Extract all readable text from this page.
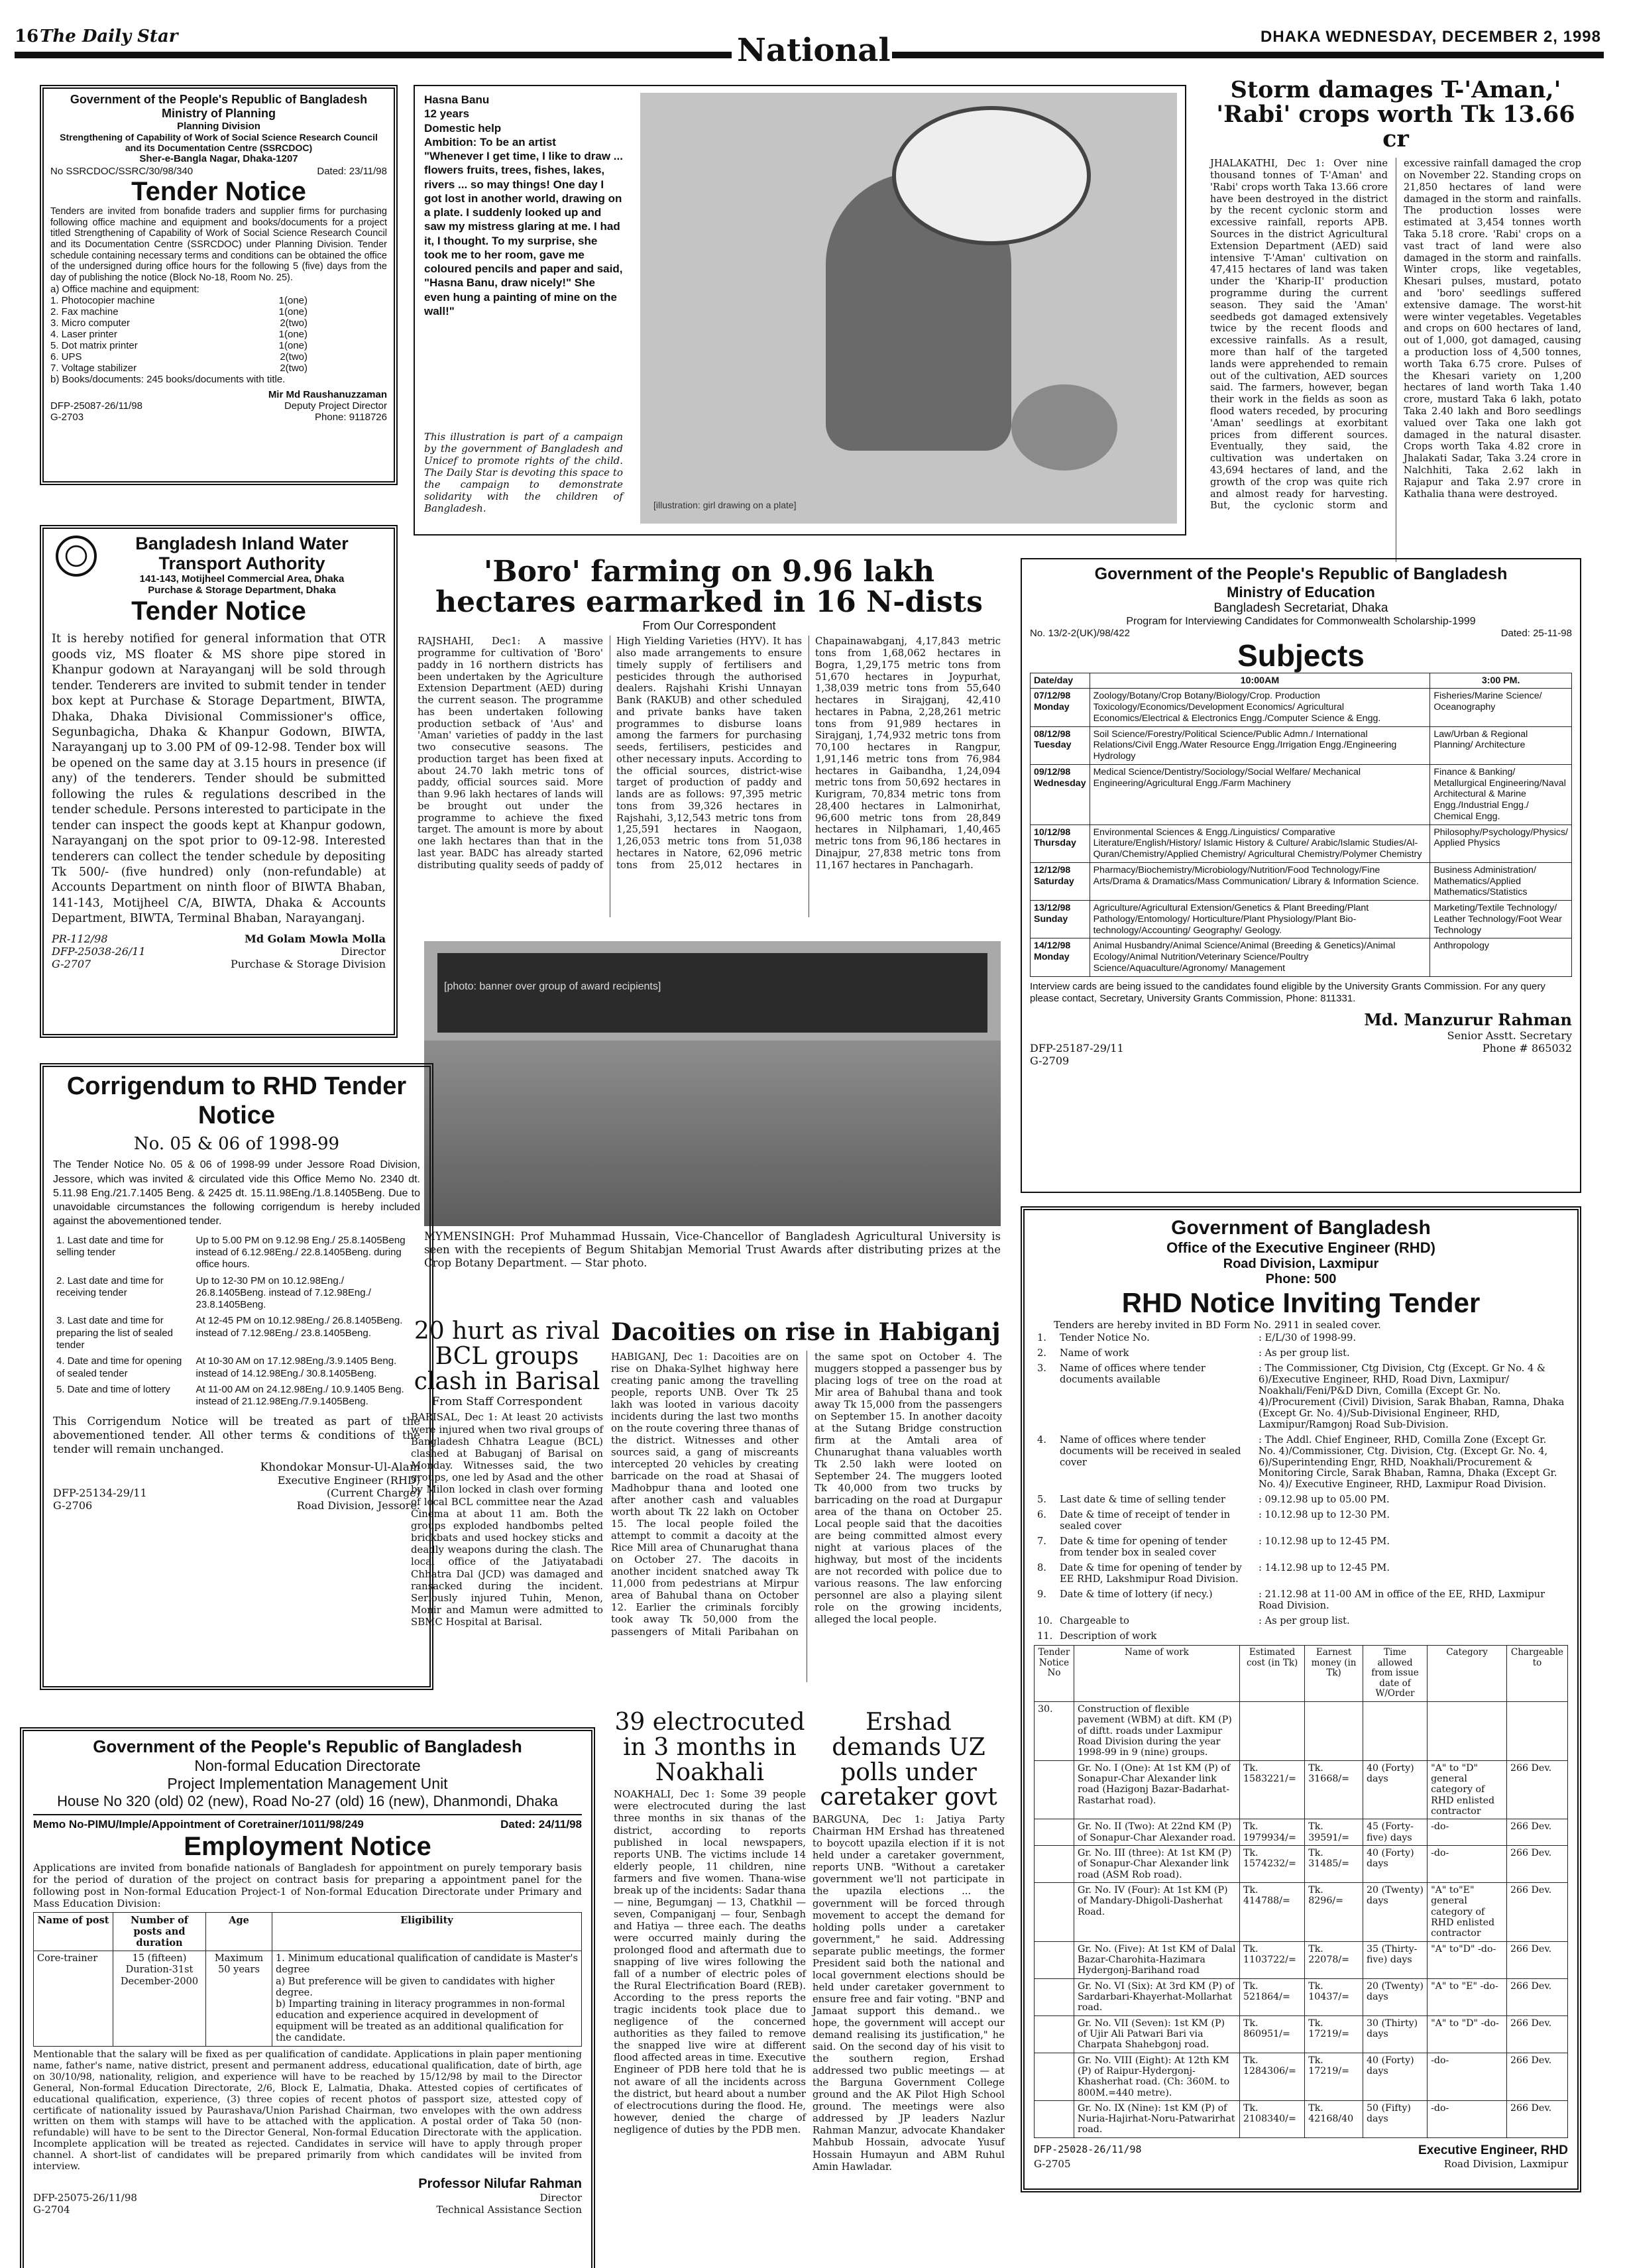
16 The Daily Star	DHAKA WEDNESDAY, DECEMBER 2, 1998
National
Government of the People's Republic of Bangladesh
Ministry of Planning
Planning Division
Strengthening of Capability of Work of Social Science Research Council and its Documentation Centre (SSRCDOC)
Sher-e-Bangla Nagar, Dhaka-1207
No SSRCDOC/SSRC/30/98/340	Dated: 23/11/98
Tender Notice

Tenders are invited from bonafide traders and supplier firms for purchasing following office machine and equipment and books/documents for a project titled Strengthening of Capability of Work of Social Science Research Council and its Documentation Centre (SSRCDOC) under Planning Division. Tender schedule containing necessary terms and conditions can be obtained the office of the undersigned during office hours for the following 5 (five) days from the day of publishing the notice (Block No-18, Room No. 25).

a) Office machine and equipment:
1. Photocopier machine	1(one)
2. Fax machine	1(one)
3. Micro computer	2(two)
4. Laser printer	1(one)
5. Dot matrix printer	1(one)
6. UPS	2(two)
7. Voltage stabilizer	2(two)
b) Books/documents: 245 books/documents with title.
Mir Md Raushanuzzaman
DFP-25087-26/11/98	Deputy Project Director
G-2703	Phone: 9118726
Hasna Banu
12 years
Domestic help
Ambition: To be an artist
"Whenever I get time, I like to draw ... flowers fruits, trees, fishes, lakes, rivers ... so may things! One day I got lost in another world, drawing on a plate. I suddenly looked up and saw my mistress glaring at me. I had it, I thought. To my surprise, she took me to her room, gave me coloured pencils and paper and said, "Hasna Banu, draw nicely!" She even hung a painting of mine on the wall!"
This illustration is part of a campaign by the government of Bangladesh and Unicef to promote rights of the child. The Daily Star is devoting this space to the campaign to demonstrate solidarity with the children of Bangladesh.	[illustration: girl drawing on a plate]
Storm damages T-'Aman,' 'Rabi' crops worth Tk 13.66 cr
JHALAKATHI, Dec 1: Over nine thousand tonnes of T-'Aman' and 'Rabi' crops worth Taka 13.66 crore have been destroyed in the district by the recent cyclonic storm and excessive rainfall, reports APB. Sources in the district Agricultural Extension Department (AED) said intensive T-'Aman' cultivation on 47,415 hectares of land was taken under the 'Kharip-II' production programme during the current season. They said the 'Aman' seedbeds got damaged extensively twice by the recent floods and excessive rainfalls. As a result, more than half of the targeted lands were apprehended to remain out of the cultivation, AED sources said. The farmers, however, began their work in the fields as soon as flood waters receded, by procuring 'Aman' seedlings at exorbitant prices from different sources. Eventually, they said, the cultivation was undertaken on 43,694 hectares of land, and the growth of the crop was quite rich and almost ready for harvesting. But, the cyclonic storm and excessive rainfall damaged the crop on November 22. Standing crops on 21,850 hectares of land were damaged in the storm and rainfalls. The production losses were estimated at 3,454 tonnes worth Taka 5.18 crore. 'Rabi' crops on a vast tract of land were also damaged in the storm and rainfalls. Winter crops, like vegetables, Khesari pulses, mustard, potato and 'boro' seedlings suffered extensive damage. The worst-hit were winter vegetables. Vegetables and crops on 600 hectares of land, out of 1,000, got damaged, causing a production loss of 4,500 tonnes, worth Taka 6.75 crore. Pulses of the Khesari variety on 1,200 hectares of land worth Taka 1.40 crore, mustard Taka 6 lakh, potato Taka 2.40 lakh and Boro seedlings valued over Taka one lakh got damaged in the natural disaster. Crops worth Taka 4.82 crore in Jhalakati Sadar, Taka 3.24 crore in Nalchhiti, Taka 2.62 lakh in Rajapur and Taka 2.97 crore in Kathalia thana were destroyed.
Bangladesh Inland Water Transport Authority
141-143, Motijheel Commercial Area, Dhaka
Purchase & Storage Department, Dhaka
Tender Notice

It is hereby notified for general information that OTR goods viz, MS floater & MS shore pipe stored in Khanpur godown at Narayanganj will be sold through tender. Tenderers are invited to submit tender in tender box kept at Purchase & Storage Department, BIWTA, Dhaka, Dhaka Divisional Commissioner's office, Segunbagicha, Dhaka & Khanpur Godown, BIWTA, Narayanganj up to 3.00 PM of 09-12-98. Tender box will be opened on the same day at 3.15 hours in presence (if any) of the tenderers. Tender should be submitted following the rules & regulations described in the tender schedule. Persons interested to participate in the tender can inspect the goods kept at Khanpur godown, Narayanganj on the spot prior to 09-12-98. Interested tenderers can collect the tender schedule by depositing Tk 500/- (five hundred) only (non-refundable) at Accounts Department on ninth floor of BIWTA Bhaban, 141-143, Motijheel C/A, BIWTA, Dhaka & Accounts Department, BIWTA, Terminal Bhaban, Narayanganj.

PR-112/98	Md Golam Mowla Molla
DFP-25038-26/11	Director
G-2707	Purchase & Storage Division
'Boro' farming on 9.96 lakh hectares earmarked in 16 N-dists
From Our Correspondent
RAJSHAHI, Dec1: A massive programme for cultivation of 'Boro' paddy in 16 northern districts has been undertaken by the Agriculture Extension Department (AED) during the current season. The programme has been undertaken following production setback of 'Aus' and 'Aman' varieties of paddy in the last two consecutive seasons. The production target has been fixed at about 24.70 lakh metric tons of paddy, official sources said. More than 9.96 lakh hectares of lands will be brought out under the programme to achieve the fixed target. The amount is more by about one lakh hectares than that in the last year. BADC has already started distributing quality seeds of paddy of High Yielding Varieties (HYV). It has also made arrangements to ensure timely supply of fertilisers and pesticides through the authorised dealers. Rajshahi Krishi Unnayan Bank (RAKUB) and other scheduled and private banks have taken programmes to disburse loans among the farmers for purchasing seeds, fertilisers, pesticides and other necessary inputs. According to the official sources, district-wise target of production of paddy and lands are as follows: 97,395 metric tons from 39,326 hectares in Rajshahi, 3,12,543 metric tons from 1,25,591 hectares in Naogaon, 1,26,053 metric tons from 51,038 hectares in Natore, 62,096 metric tons from 25,012 hectares in Chapainawabganj, 4,17,843 metric tons from 1,68,062 hectares in Bogra, 1,29,175 metric tons from 51,670 hectares in Joypurhat, 1,38,039 metric tons from 55,640 hectares in Sirajganj, 42,410 hectares in Pabna, 2,28,261 metric tons from 91,989 hectares in Sirajganj, 1,74,932 metric tons from 70,100 hectares in Rangpur, 1,91,146 metric tons from 76,984 hectares in Gaibandha, 1,24,094 metric tons from 50,692 hectares in Kurigram, 70,834 metric tons from 28,400 hectares in Lalmonirhat, 96,600 metric tons from 28,849 hectares in Nilphamari, 1,40,465 metric tons from 96,186 hectares in Dinajpur, 27,838 metric tons from 11,167 hectares in Panchagarh.
Government of the People's Republic of Bangladesh
Ministry of Education
Bangladesh Secretariat, Dhaka
Program for Interviewing Candidates for Commonwealth Scholarship-1999
No. 13/2-2(UK)/98/422	Dated: 25-11-98
Subjects
Date/day	10:00AM	3:00 PM.
07/12/98 Monday	Zoology/Botany/Crop Botany/Biology/Crop. Production Toxicology/Economics/Development Economics/ Agricultural Economics/Electrical & Electronics Engg./Computer Science & Engg.	Fisheries/Marine Science/ Oceanography
08/12/98 Tuesday	Soil Science/Forestry/Political Science/Public Admn./ International Relations/Civil Engg./Water Resource Engg./Irrigation Engg./Engineering Hydrology	Law/Urban & Regional Planning/ Architecture
09/12/98 Wednesday	Medical Science/Dentistry/Sociology/Social Welfare/ Mechanical Engineering/Agricultural Engg./Farm Machinery	Finance & Banking/ Metallurgical Engineering/Naval Architectural & Marine Engg./Industrial Engg./ Chemical Engg.
10/12/98 Thursday	Environmental Sciences & Engg./Linguistics/ Comparative Literature/English/History/ Islamic History & Culture/ Arabic/Islamic Studies/Al-Quran/Chemistry/Applied Chemistry/ Agricultural Chemistry/Polymer Chemistry	Philosophy/Psychology/Physics/ Applied Physics
12/12/98 Saturday	Pharmacy/Biochemistry/Microbiology/Nutrition/Food Technology/Fine Arts/Drama & Dramatics/Mass Communication/ Library & Information Science.	Business Administration/ Mathematics/Applied Mathematics/Statistics
13/12/98 Sunday	Agriculture/Agricultural Extension/Genetics & Plant Breeding/Plant Pathology/Entomology/ Horticulture/Plant Physiology/Plant Bio-technology/Accounting/ Geography/ Geology.	Marketing/Textile Technology/ Leather Technology/Foot Wear Technology
14/12/98 Monday	Animal Husbandry/Animal Science/Animal (Breeding & Genetics)/Animal Ecology/Animal Nutrition/Veterinary Science/Poultry Science/Aquaculture/Agronomy/ Management	Anthropology

Interview cards are being issued to the candidates found eligible by the University Grants Commission. For any query please contact, Secretary, University Grants Commission, Phone: 811331.

Md. Manzurur Rahman
Senior Asstt. Secretary
DFP-25187-29/11	Phone # 865032
G-2709
[photo: banner over group of award recipients]

MYMENSINGH: Prof Muhammad Hussain, Vice-Chancellor of Bangladesh Agricultural University is seen with the recepients of Begum Shitabjan Memorial Trust Awards after distributing prizes at the Crop Botany Department. — Star photo.

Corrigendum to RHD Tender Notice
No. 05 & 06 of 1998-99

The Tender Notice No. 05 & 06 of 1998-99 under Jessore Road Division, Jessore, which was invited & circulated vide this Office Memo No. 2340 dt. 5.11.98 Eng./21.7.1405 Beng. & 2425 dt. 15.11.98Eng./1.8.1405Beng. Due to unavoidable circumstances the following corrigendum is hereby included against the abovementioned tender.

1. Last date and time for selling tender	Up to 5.00 PM on 9.12.98 Eng./ 25.8.1405Beng instead of 6.12.98Eng./ 22.8.1405Beng. during office hours.
2. Last date and time for receiving tender	Up to 12-30 PM on 10.12.98Eng./ 26.8.1405Beng. instead of 7.12.98Eng./ 23.8.1405Beng.
3. Last date and time for preparing the list of sealed tender	At 12-45 PM on 10.12.98Eng./ 26.8.1405Beng. instead of 7.12.98Eng./ 23.8.1405Beng.
4. Date and time for opening of sealed tender	At 10-30 AM on 17.12.98Eng./3.9.1405 Beng. instead of 14.12.98Eng./ 30.8.1405Beng.
5. Date and time of lottery	At 11-00 AM on 24.12.98Eng./ 10.9.1405 Beng. instead of 21.12.98Eng./7.9.1405Beng.

This Corrigendum Notice will be treated as part of the abovementioned tender. All other terms & conditions of the tender will remain unchanged.

Khondokar Monsur-Ul-Alam
Executive Engineer (RHD)
DFP-25134-29/11	(Current Charge)
G-2706	Road Division, Jessore.
20 hurt as rival BCL groups clash in Barisal
From Staff Correspondent

BARISAL, Dec 1: At least 20 activists were injured when two rival groups of Bangladesh Chhatra League (BCL) clashed at Babuganj of Barisal on Monday. Witnesses said, the two groups, one led by Asad and the other by Milon locked in clash over forming of local BCL committee near the Azad Cinema at about 11 am. Both the groups exploded handbombs pelted brickbats and used hockey sticks and deadly weapons during the clash. The local office of the Jatiyatabadi Chhatra Dal (JCD) was damaged and ransacked during the incident. Seriously injured Tuhin, Menon, Monir and Mamun were admitted to SBMC Hospital at Barisal.

Dacoities on rise in Habiganj
HABIGANJ, Dec 1: Dacoities are on rise on Dhaka-Sylhet highway here creating panic among the travelling people, reports UNB. Over Tk 25 lakh was looted in various dacoity incidents during the last two months on the route covering three thanas of the district. Witnesses and other sources said, a gang of miscreants intercepted 20 vehicles by creating barricade on the road at Shasai of Madhobpur thana and looted one after another cash and valuables worth about Tk 22 lakh on October 15. The local people foiled the attempt to commit a dacoity at the Rice Mill area of Chunarughat thana on October 27. The dacoits in another incident snatched away Tk 11,000 from pedestrians at Mirpur area of Bahubal thana on October 12. Earlier the criminals forcibly took away Tk 50,000 from the passengers of Mitali Paribahan on the same spot on October 4. The muggers stopped a passenger bus by placing logs of tree on the road at Mir area of Bahubal thana and took away Tk 15,000 from the passengers on September 15. In another dacoity at the Sutang Bridge construction firm at the Amtali area of Chunarughat thana valuables worth Tk 2.50 lakh were looted on September 24. The muggers looted Tk 40,000 from two trucks by barricading on the road at Durgapur area of the thana on October 25. Local people said that the dacoities are being committed almost every night at various places of the highway, but most of the incidents are not recorded with police due to various reasons. The law enforcing personnel are also a playing silent role on the growing incidents, alleged the local people.
Government of Bangladesh
Office of the Executive Engineer (RHD)
Road Division, Laxmipur
Phone: 500
RHD Notice Inviting Tender
Tenders are hereby invited in BD Form No. 2911 in sealed cover.
1.	Tender Notice No.	: E/L/30 of 1998-99.
2.	Name of work	: As per group list.
3.	Name of offices where tender documents available	: The Commissioner, Ctg Division, Ctg (Except. Gr No. 4 & 6)/Executive Engineer, RHD, Road Divn, Laxmipur/ Noakhali/Feni/P&D Divn, Comilla (Except Gr. No. 4)/Procurement (Civil) Division, Sarak Bhaban, Ramna, Dhaka (Except Gr. No. 4)/Sub-Divisional Engineer, RHD, Laxmipur/Ramgonj Road Sub-Division.
4.	Name of offices where tender documents will be received in sealed cover	: The Addl. Chief Engineer, RHD, Comilla Zone (Except Gr. No. 4)/Commissioner, Ctg. Division, Ctg. (Except Gr. No. 4, 6)/Superintending Engr, RHD, Noakhali/Procurement & Monitoring Circle, Sarak Bhaban, Ramna, Dhaka (Except Gr. No. 4)/ Executive Engineer, RHD, Laxmipur Road Division.
5.	Last date & time of selling tender	: 09.12.98 up to 05.00 PM.
6.	Date & time of receipt of tender in sealed cover	: 10.12.98 up to 12-30 PM.
7.	Date & time for opening of tender from tender box in sealed cover	: 10.12.98 up to 12-45 PM.
8.	Date & time for opening of tender by EE RHD, Lakshmipur Road Division.	: 14.12.98 up to 12-45 PM.
9.	Date & time of lottery (if necy.)	: 21.12.98 at 11-00 AM in office of the EE, RHD, Laxmipur Road Division.
10.	Chargeable to	: As per group list.
11.	Description of work	
Tender Notice No	Name of work	Estimated cost (in Tk)	Earnest money (in Tk)	Time allowed from issue date of W/Order	Category	Chargeable to
30.	Construction of flexible pavement (WBM) at dift. KM (P) of diftt. roads under Laxmipur Road Division during the year 1998-99 in 9 (nine) groups.					
	Gr. No. I (One): At 1st KM (P) of Sonapur-Char Alexander link road (Hazigonj Bazar-Badarhat-Rastarhat road).	Tk. 1583221/=	Tk. 31668/=	40 (Forty) days	"A" to "D" general category of RHD enlisted contractor	266 Dev.
	Gr. No. II (Two): At 22nd KM (P) of Sonapur-Char Alexander road.	Tk. 1979934/=	Tk. 39591/=	45 (Forty-five) days	-do-	266 Dev.
	Gr. No. III (three): At 1st KM (P) of Sonapur-Char Alexander link road (ASM Rob road).	Tk. 1574232/=	Tk. 31485/=	40 (Forty) days	-do-	266 Dev.
	Gr. No. IV (Four): At 1st KM (P) of Mandary-Dhigoli-Dasherhat Road.	Tk. 414788/=	Tk. 8296/=	20 (Twenty) days	"A" to"E" general category of RHD enlisted contractor	266 Dev.
	Gr. No. (Five): At 1st KM of Dalal Bazar-Charohita-Hazimara Hydergonj-Barihand road	Tk. 1103722/=	Tk. 22078/=	35 (Thirty-five) days	"A" to"D" -do-	266 Dev.
	Gr. No. VI (Six): At 3rd KM (P) of Sardarbari-Khayerhat-Mollarhat road.	Tk. 521864/=	Tk. 10437/=	20 (Twenty) days	"A" to "E" -do-	266 Dev.
	Gr. No. VII (Seven): 1st KM (P) of Ujir Ali Patwari Bari via Charpata Shahebgonj road.	Tk. 860951/=	Tk. 17219/=	30 (Thirty) days	"A" to "D" -do-	266 Dev.
	Gr. No. VIII (Eight): At 12th KM (P) of Raipur-Hydergonj-Khasherhat road. (Ch: 360M. to 800M.=440 metre).	Tk. 1284306/=	Tk. 17219/=	40 (Forty) days	-do-	266 Dev.
	Gr. No. IX (Nine): 1st KM (P) of Nuria-Hajirhat-Noru-Patwarirhat road.	Tk. 2108340/=	Tk. 42168/40	50 (Fifty) days	-do-	266 Dev.
DFP-25028-26/11/98	Executive Engineer, RHD
G-2705	Road Division, Laxmipur
Government of the People's Republic of Bangladesh
Non-formal Education Directorate
Project Implementation Management Unit
House No 320 (old) 02 (new), Road No-27 (old) 16 (new), Dhanmondi, Dhaka
Memo No-PIMU/Imple/Appointment of Coretrainer/1011/98/249	Dated: 24/11/98
Employment Notice

Applications are invited from bonafide nationals of Bangladesh for appointment on purely temporary basis for the period of duration of the project on contract basis for preparing a appointment panel for the following post in Non-formal Education Project-1 of Non-formal Education Directorate under Primary and Mass Education Division:

Name of post	Number of posts and duration	Age	Eligibility
Core-trainer	15 (fifteen) Duration-31st December-2000	Maximum 50 years	1. Minimum educational qualification of candidate is Master's degree
a) But preference will be given to candidates with higher degree.
b) Imparting training in literacy programmes in non-formal education and experience acquired in development of equipment will be treated as an additional qualification for the candidate.

Mentionable that the salary will be fixed as per qualification of candidate. Applications in plain paper mentioning name, father's name, native district, present and permanent address, educational qualification, date of birth, age on 30/10/98, nationality, religion, and experience will have to be reached by 15/12/98 by mail to the Director General, Non-formal Education Directorate, 2/6, Block E, Lalmatia, Dhaka. Attested copies of certificates of educational qualification, experience, (3) three copies of recent photos of passport size, attested copy of certificate of nationality issued by Paurashava/Union Parishad Chairman, two envelopes with the own address written on them with stamps will have to be attached with the application. A postal order of Taka 50 (non-refundable) will have to be sent to the Director General, Non-formal Education Directorate with the application. Incomplete application will be treated as rejected. Candidates in service will have to apply through proper channel. A short-list of candidates will be prepared primarily from which candidates will be invited from interview.

Professor Nilufar Rahman
DFP-25075-26/11/98	Director
G-2704	Technical Assistance Section
39 electrocuted in 3 months in Noakhali

NOAKHALI, Dec 1: Some 39 people were electrocuted during the last three months in six thanas of the district, according to reports published in local newspapers, reports UNB. The victims include 14 elderly people, 11 children, nine farmers and five women. Thana-wise break up of the incidents: Sadar thana — nine, Begumganj — 13, Chatkhil — seven, Companiganj — four, Senbagh and Hatiya — three each. The deaths were occurred mainly during the prolonged flood and aftermath due to snapping of live wires following the fall of a number of electric poles of the Rural Electrification Board (REB). According to the press reports the tragic incidents took place due to negligence of the concerned authorities as they failed to remove the snapped live wire at different flood affected areas in time. Executive Engineer of PDB here told that he is not aware of all the incidents across the district, but heard about a number of electrocutions during the flood. He, however, denied the charge of negligence of duties by the PDB men.

Ershad demands UZ polls under caretaker govt

BARGUNA, Dec 1: Jatiya Party Chairman HM Ershad has threatened to boycott upazila election if it is not held under a caretaker government, reports UNB. "Without a caretaker government we'll not participate in the upazila elections ... the government will be forced through movement to accept the demand for holding polls under a caretaker government," he said. Addressing separate public meetings, the former President said both the national and local government elections should be held under caretaker government to ensure free and fair voting. "BNP and Jamaat support this demand.. we hope, the government will accept our demand realising its justification," he said. On the second day of his visit to the southern region, Ershad addressed two public meetings — at the Barguna Government College ground and the AK Pilot High School ground. The meetings were also addressed by JP leaders Nazlur Rahman Manzur, advocate Khandaker Mahbub Hossain, advocate Yusuf Hossain Humayun and ABM Ruhul Amin Hawladar.
